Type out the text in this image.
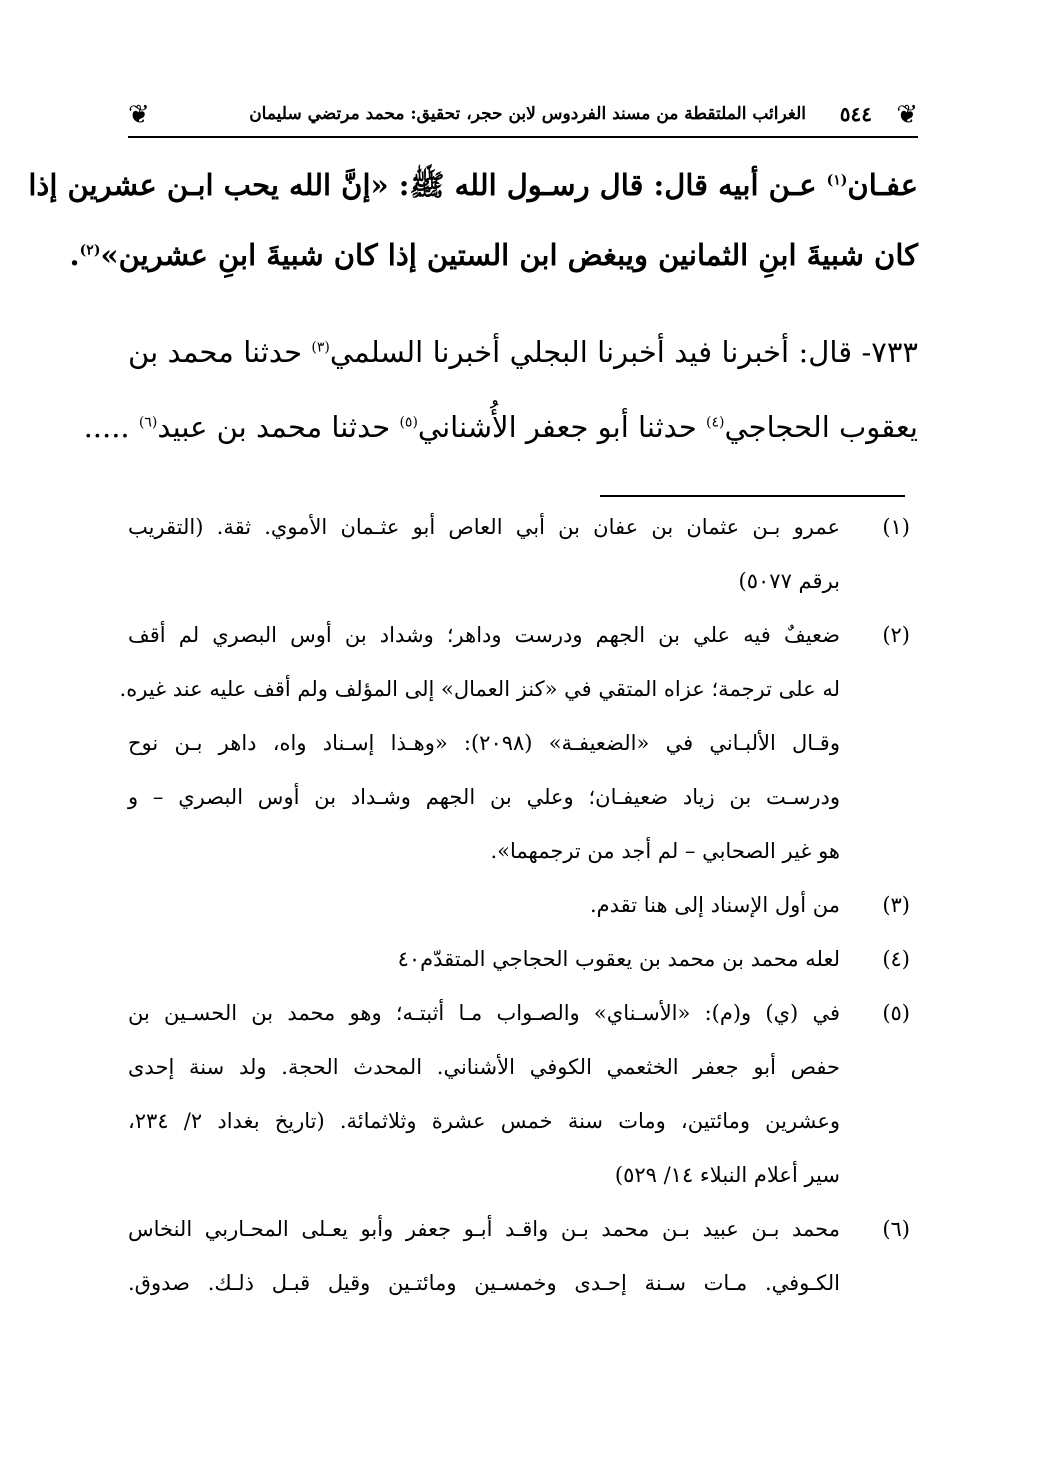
❦	الغرائب الملتقطة من مسند الفردوس لابن حجر، تحقيق: محمد مرتضي سليمان ٥٤٤ ❦
عفـان$^{(١)}$ عـن أبيه قال: قال رسـول الله ﷺ: «إنَّ الله يحب ابـن عشرين إذا
كان شبيةَ ابنِ الثمانين ويبغض ابن الستين إذا كان شبيةَ ابنِ عشرين»$^{(٢)}$.
٧٣٣- قال: أخبرنا فيد أخبرنا البجلي أخبرنا السلمي$^{(٣)}$ حدثنا محمد بن
يعقوب الحجاجي$^{(٤)}$ حدثنا أبو جعفر الأُشناني$^{(٥)}$ حدثنا محمد بن عبيد$^{(٦)}$ .....
(١)
عمرو بـن عثمان بن عفان بن أبي العاص أبو عثـمان الأموي. ثقة. (التقريب
برقم ٥٠٧٧)
(٢)
ضعيفٌ فيه علي بن الجهم ودرست وداهر؛ وشداد بن أوس البصري لم أقف
له على ترجمة؛ عزاه المتقي في «كنز العمال» إلى المؤلف ولم أقف عليه عند غيره.
وقـال الألبـاني في «الضعيفـة» (٢٠٩٨): «وهـذا إسـناد واه، داهر بـن نوح
ودرسـت بن زياد ضعيفـان؛ وعلي بن الجهم وشـداد بن أوس البصري – و
هو غير الصحابي – لم أجد من ترجمهما».
(٣)
من أول الإسناد إلى هنا تقدم.
(٤)
لعله محمد بن محمد بن يعقوب الحجاجي المتقدّم٤٠
(٥)
في (ي) و(م): «الأسـناي» والصـواب مـا أثبتـه؛ وهو محمد بن الحسـين بن
حفص أبو جعفر الخثعمي الكوفي الأشناني. المحدث الحجة. ولد سنة إحدى
وعشرين ومائتين، ومات سنة خمس عشرة وثلاثمائة. (تاريخ بغداد ٢/ ٢٣٤،
سير أعلام النبلاء ١٤/ ٥٢٩)
(٦)
محمد بـن عبيد بـن محمد بـن واقـد أبـو جعفر وأبو يعـلى المحـاربي النخاس
الكـوفي. مـات سـنة إحـدى وخمسـين ومائتـين وقيل قبـل ذلـك. صدوق.
